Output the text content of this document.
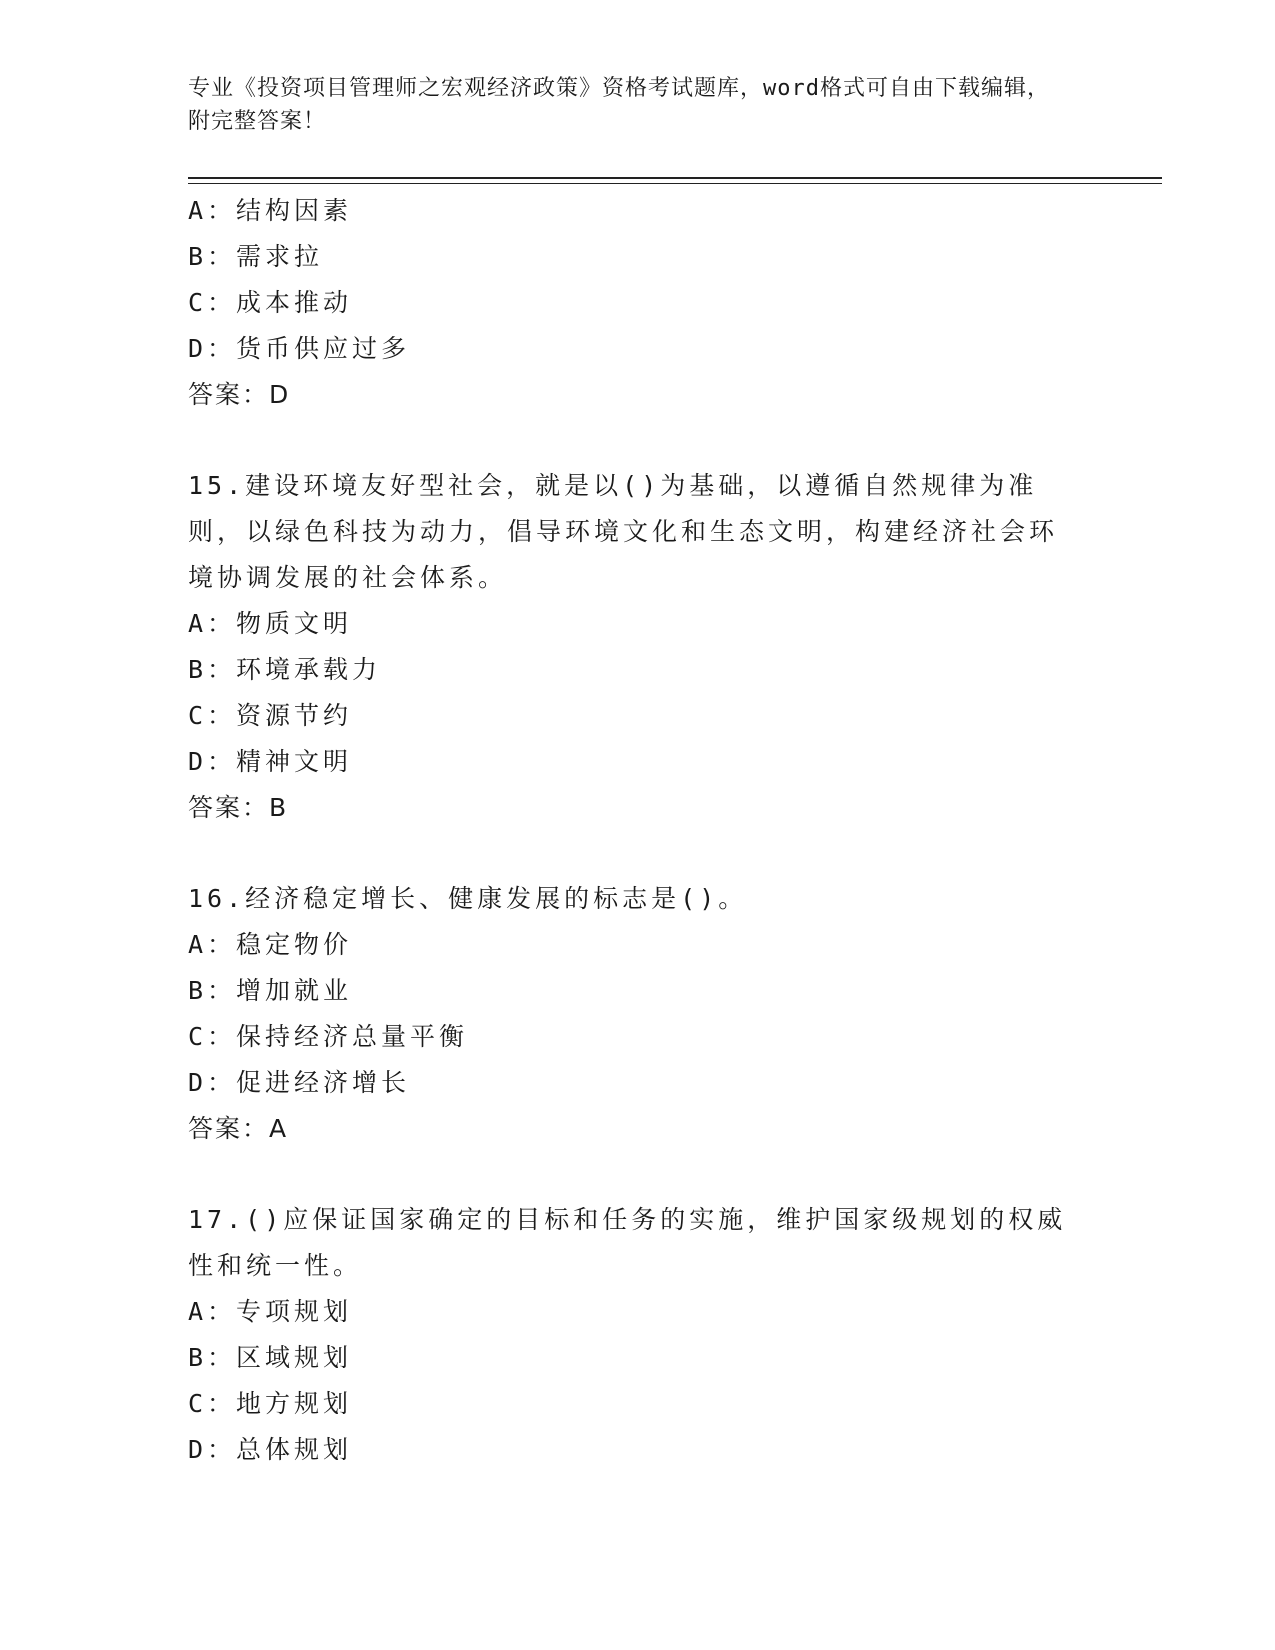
专业《投资项目管理师之宏观经济政策》资格考试题库，word格式可自由下载编辑，附完整答案！
A：结构因素
B：需求拉
C：成本推动
D：货币供应过多
答案：D
15.建设环境友好型社会，就是以()为基础，以遵循自然规律为准则，以绿色科技为动力，倡导环境文化和生态文明，构建经济社会环境协调发展的社会体系。
A：物质文明
B：环境承载力
C：资源节约
D：精神文明
答案：B
16.经济稳定增长、健康发展的标志是()。
A：稳定物价
B：增加就业
C：保持经济总量平衡
D：促进经济增长
答案：A
17.()应保证国家确定的目标和任务的实施，维护国家级规划的权威性和统一性。
A：专项规划
B：区域规划
C：地方规划
D：总体规划
